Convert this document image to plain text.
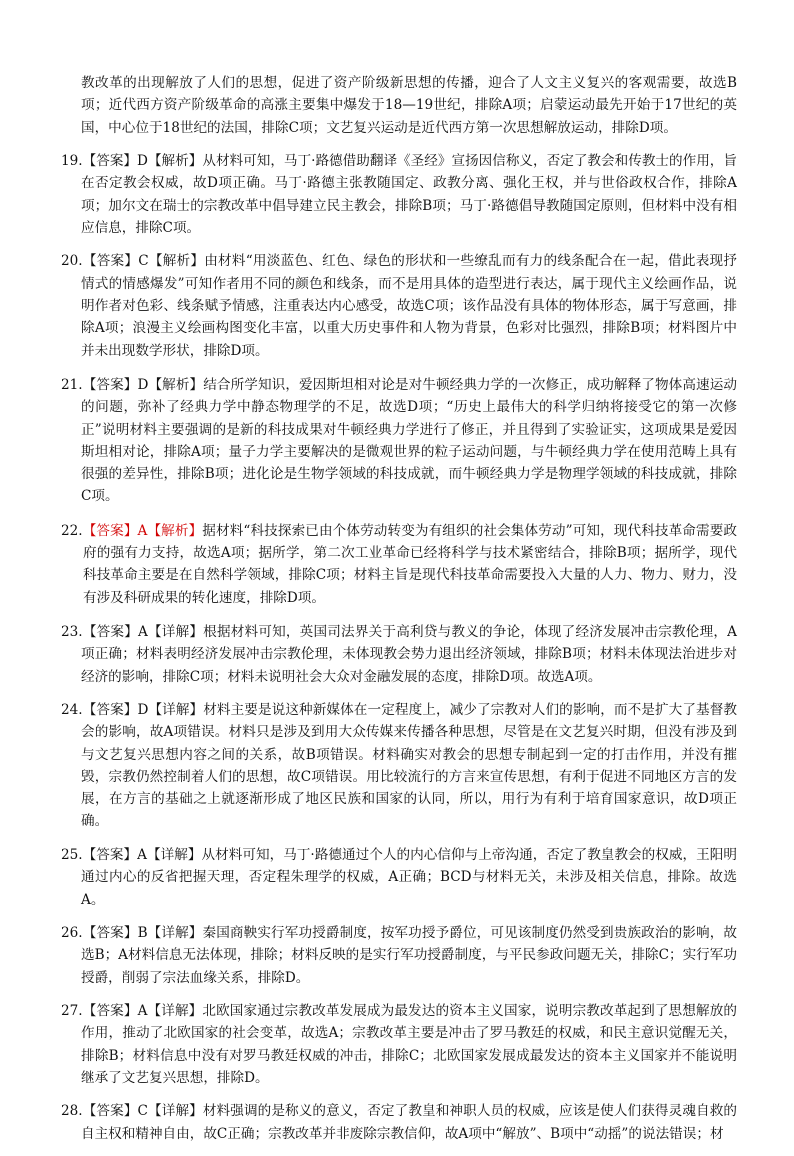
教改革的出现解放了人们的思想，促进了资产阶级新思想的传播，迎合了人文主义复兴的客观需要，故选B项；近代西方资产阶级革命的高涨主要集中爆发于18—19世纪，排除A项；启蒙运动最先开始于17世纪的英国，中心位于18世纪的法国，排除C项；文艺复兴运动是近代西方第一次思想解放运动，排除D项。

19.【答案】D【解析】从材料可知，马丁·路德借助翻译《圣经》宣扬因信称义，否定了教会和传教士的作用，旨在否定教会权威，故D项正确。马丁·路德主张教随国定、政教分离、强化王权，并与世俗政权合作，排除A项；加尔文在瑞士的宗教改革中倡导建立民主教会，排除B项；马丁·路德倡导教随国定原则，但材料中没有相应信息，排除C项。

20.【答案】C【解析】由材料“用淡蓝色、红色、绿色的形状和一些缭乱而有力的线条配合在一起，借此表现抒情式的情感爆发”可知作者用不同的颜色和线条，而不是用具体的造型进行表达，属于现代主义绘画作品，说明作者对色彩、线条赋予情感，注重表达内心感受，故选C项；该作品没有具体的物体形态，属于写意画，排除A项；浪漫主义绘画构图变化丰富，以重大历史事件和人物为背景，色彩对比强烈，排除B项；材料图片中并未出现数学形状，排除D项。

21.【答案】D【解析】结合所学知识，爱因斯坦相对论是对牛顿经典力学的一次修正，成功解释了物体高速运动的问题，弥补了经典力学中静态物理学的不足，故选D项；“历史上最伟大的科学归纳将接受它的第一次修正”说明材料主要强调的是新的科技成果对牛顿经典力学进行了修正，并且得到了实验证实，这项成果是爱因斯坦相对论，排除A项；量子力学主要解决的是微观世界的粒子运动问题，与牛顿经典力学在使用范畴上具有很强的差异性，排除B项；进化论是生物学领域的科技成就，而牛顿经典力学是物理学领域的科技成就，排除C项。

22.【答案】A【解析】据材料“科技探索已由个体劳动转变为有组织的社会集体劳动”可知，现代科技革命需要政府的强有力支持，故选A项；据所学，第二次工业革命已经将科学与技术紧密结合，排除B项；据所学，现代科技革命主要是在自然科学领域，排除C项；材料主旨是现代科技革命需要投入大量的人力、物力、财力，没有涉及科研成果的转化速度，排除D项。

23.【答案】A【详解】根据材料可知，英国司法界关于高利贷与教义的争论，体现了经济发展冲击宗教伦理，A项正确；材料表明经济发展冲击宗教伦理，未体现教会势力退出经济领域，排除B项；材料未体现法治进步对经济的影响，排除C项；材料未说明社会大众对金融发展的态度，排除D项。故选A项。

24.【答案】D【详解】材料主要是说这种新媒体在一定程度上，减少了宗教对人们的影响，而不是扩大了基督教会的影响，故A项错误。材料只是涉及到用大众传媒来传播各种思想，尽管是在文艺复兴时期，但没有涉及到与文艺复兴思想内容之间的关系，故B项错误。材料确实对教会的思想专制起到一定的打击作用，并没有摧毁，宗教仍然控制着人们的思想，故C项错误。用比较流行的方言来宣传思想，有利于促进不同地区方言的发展，在方言的基础之上就逐渐形成了地区民族和国家的认同，所以，用行为有利于培育国家意识，故D项正确。

25.【答案】A【详解】从材料可知，马丁·路德通过个人的内心信仰与上帝沟通，否定了教皇教会的权威，王阳明通过内心的反省把握天理，否定程朱理学的权威，A正确；BCD与材料无关，未涉及相关信息，排除。故选A。

26.【答案】B【详解】秦国商鞅实行军功授爵制度，按军功授予爵位，可见该制度仍然受到贵族政治的影响，故选B；A材料信息无法体现，排除；材料反映的是实行军功授爵制度，与平民参政问题无关，排除C；实行军功授爵，削弱了宗法血缘关系，排除D。

27.【答案】A【详解】北欧国家通过宗教改革发展成为最发达的资本主义国家，说明宗教改革起到了思想解放的作用，推动了北欧国家的社会变革，故选A；宗教改革主要是冲击了罗马教廷的权威，和民主意识觉醒无关，排除B；材料信息中没有对罗马教廷权威的冲击，排除C；北欧国家发展成最发达的资本主义国家并不能说明继承了文艺复兴思想，排除D。

28.【答案】C【详解】材料强调的是称义的意义，否定了教皇和神职人员的权威，应该是使人们获得灵魂自救的自主权和精神自由，故C正确；宗教改革并非废除宗教信仰，故A项中“解放”、B项中“动摇”的说法错误；材
